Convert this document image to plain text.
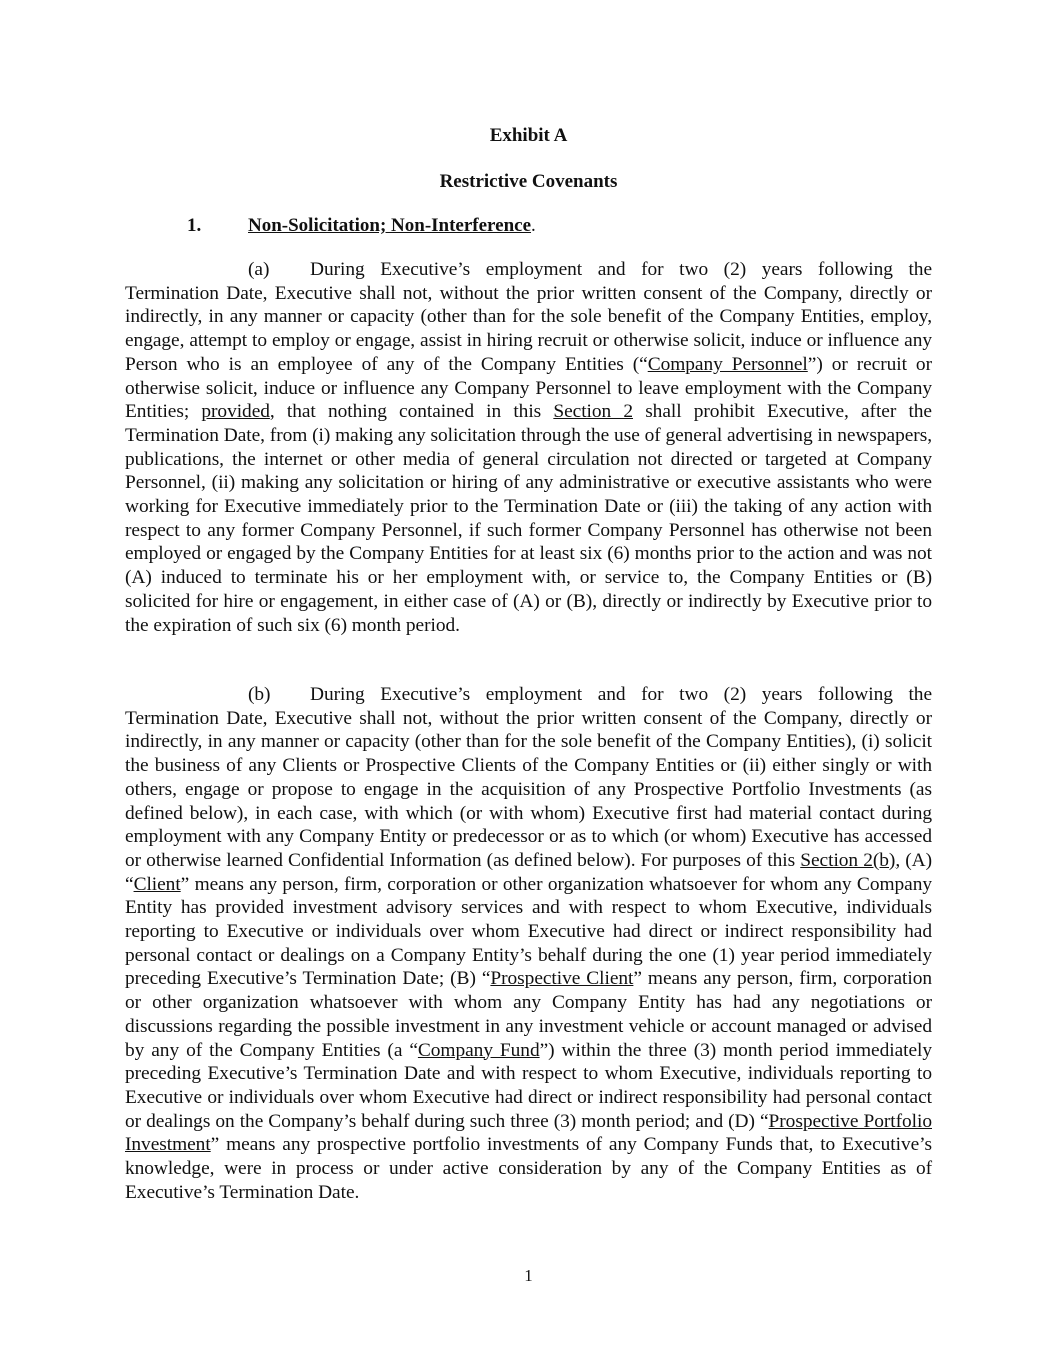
Exhibit A
Restrictive Covenants
1. Non-Solicitation; Non-Interference .

(a) During Executive’s employment and for two (2) years following the Termination Date, Executive shall not, without the prior written consent of the Company, directly or indirectly, in any manner or capacity (other than for the sole benefit of the Company Entities, employ, engage, attempt to employ or engage, assist in hiring recruit or otherwise solicit, induce or influence any Person who is an employee of any of the Company Entities (“Company Personnel”) or recruit or otherwise solicit, induce or influence any Company Personnel to leave employment with the Company Entities; provided, that nothing contained in this Section 2 shall prohibit Executive, after the Termination Date, from (i) making any solicitation through the use of general advertising in newspapers, publications, the internet or other media of general circulation not directed or targeted at Company Personnel, (ii) making any solicitation or hiring of any administrative or executive assistants who were working for Executive immediately prior to the Termination Date or (iii) the taking of any action with respect to any former Company Personnel, if such former Company Personnel has otherwise not been employed or engaged by the Company Entities for at least six (6) months prior to the action and was not (A) induced to terminate his or her employment with, or service to, the Company Entities or (B) solicited for hire or engagement, in either case of (A) or (B), directly or indirectly by Executive prior to the expiration of such six (6) month period.

(b) During Executive’s employment and for two (2) years following the Termination Date, Executive shall not, without the prior written consent of the Company, directly or indirectly, in any manner or capacity (other than for the sole benefit of the Company Entities), (i) solicit the business of any Clients or Prospective Clients of the Company Entities or (ii) either singly or with others, engage or propose to engage in the acquisition of any Prospective Portfolio Investments (as defined below), in each case, with which (or with whom) Executive first had material contact during employment with any Company Entity or predecessor or as to which (or whom) Executive has accessed or otherwise learned Confidential Information (as defined below). For purposes of this Section 2(b), (A) “Client” means any person, firm, corporation or other organization whatsoever for whom any Company Entity has provided investment advisory services and with respect to whom Executive, individuals reporting to Executive or individuals over whom Executive had direct or indirect responsibility had personal contact or dealings on a Company Entity’s behalf during the one (1) year period immediately preceding Executive’s Termination Date; (B) “Prospective Client” means any person, firm, corporation or other organization whatsoever with whom any Company Entity has had any negotiations or discussions regarding the possible investment in any investment vehicle or account managed or advised by any of the Company Entities (a “Company Fund”) within the three (3) month period immediately preceding Executive’s Termination Date and with respect to whom Executive, individuals reporting to Executive or individuals over whom Executive had direct or indirect responsibility had personal contact or dealings on the Company’s behalf during such three (3) month period; and (D) “Prospective Portfolio Investment” means any prospective portfolio investments of any Company Funds that, to Executive’s knowledge, were in process or under active consideration by any of the Company Entities as of Executive’s Termination Date.

1
